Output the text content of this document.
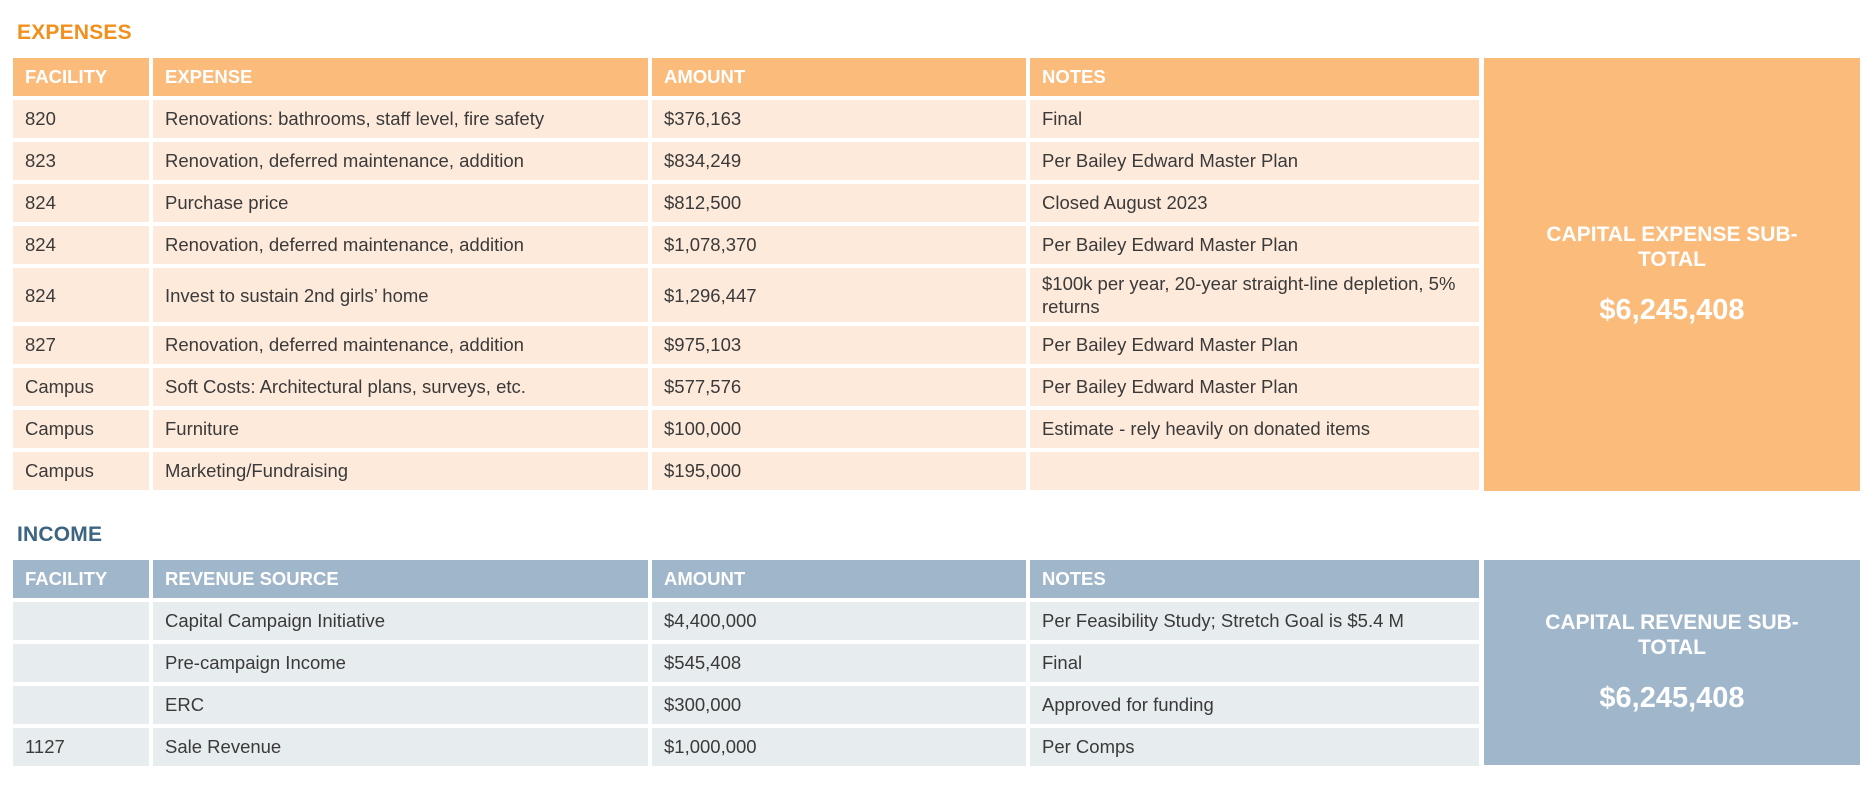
EXPENSES
FACILITY	EXPENSE	AMOUNT	NOTES
820	Renovations: bathrooms, staff level, fire safety	$376,163	Final
823	Renovation, deferred maintenance, addition	$834,249	Per Bailey Edward Master Plan
824	Purchase price	$812,500	Closed August 2023
824	Renovation, deferred maintenance, addition	$1,078,370	Per Bailey Edward Master Plan
824	Invest to sustain 2nd girls’ home	$1,296,447	$100k per year, 20-year straight-line depletion, 5% returns
827	Renovation, deferred maintenance, addition	$975,103	Per Bailey Edward Master Plan
Campus	Soft Costs: Architectural plans, surveys, etc.	$577,576	Per Bailey Edward Master Plan
Campus	Furniture	$100,000	Estimate - rely heavily on donated items
Campus	Marketing/Fundraising	$195,000	
CAPITAL EXPENSE SUB-TOTAL
$6,245,408
INCOME
FACILITY	REVENUE SOURCE	AMOUNT	NOTES
	Capital Campaign Initiative	$4,400,000	Per Feasibility Study; Stretch Goal is $5.4 M
	Pre-campaign Income	$545,408	Final
	ERC	$300,000	Approved for funding
1127	Sale Revenue	$1,000,000	Per Comps
CAPITAL REVENUE SUB-TOTAL
$6,245,408
